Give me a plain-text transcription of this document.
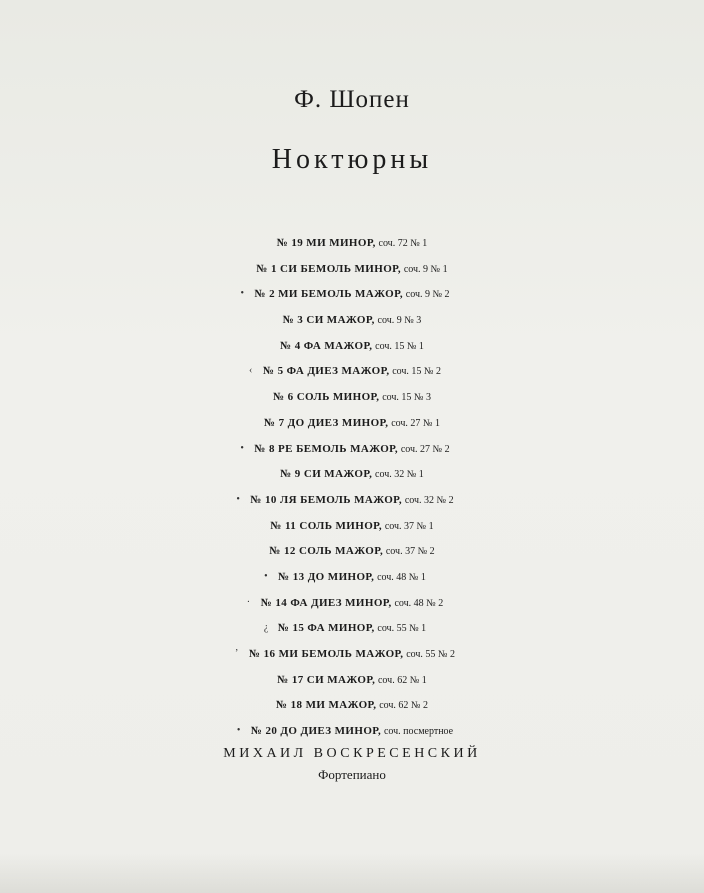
Ф. Шопен
Ноктюрны
№ 19 МИ МИНОР, соч. 72 № 1
№ 1 СИ БЕМОЛЬ МИНОР, соч. 9 № 1
• № 2 МИ БЕМОЛЬ МАЖОР, соч. 9 № 2
№ 3 СИ МАЖОР, соч. 9 № 3
№ 4 ФА МАЖОР, соч. 15 № 1
‹ № 5 ФА ДИЕЗ МАЖОР, соч. 15 № 2
№ 6 СОЛЬ МИНОР, соч. 15 № 3
№ 7 ДО ДИЕЗ МИНОР, соч. 27 № 1
• № 8 РЕ БЕМОЛЬ МАЖОР, соч. 27 № 2
№ 9 СИ МАЖОР, соч. 32 № 1
• № 10 ЛЯ БЕМОЛЬ МАЖОР, соч. 32 № 2
№ 11 СОЛЬ МИНОР, соч. 37 № 1
№ 12 СОЛЬ МАЖОР, соч. 37 № 2
• № 13 ДО МИНОР, соч. 48 № 1
· № 14 ФА ДИЕЗ МИНОР, соч. 48 № 2
¿ № 15 ФА МИНОР, соч. 55 № 1
ʼ № 16 МИ БЕМОЛЬ МАЖОР, соч. 55 № 2
№ 17 СИ МАЖОР, соч. 62 № 1
№ 18 МИ МАЖОР, соч. 62 № 2
• № 20 ДО ДИЕЗ МИНОР, соч. посмертное
МИХАИЛ ВОСКРЕСЕНСКИЙ
Фортепиано
